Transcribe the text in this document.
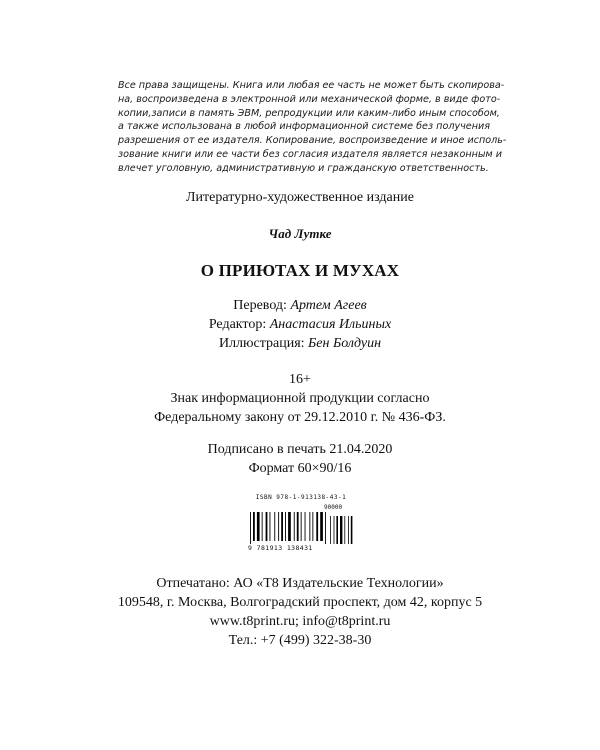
Все права защищены. Книга или любая ее часть не может быть скопирова-
на, воспроизведена в электронной или механической форме, в виде фото-
копии,записи в память ЭВМ, репродукции или каким-либо иным способом,
а также использована в любой информационной системе без получения
разрешения от ее издателя. Копирование, воспроизведение и иное исполь-
зование книги или ее части без согласия издателя является незаконным и
влечет уголовную, административную и гражданскую ответственность.
Литературно-художественное издание
Чад Лутке
О ПРИЮТАХ И МУХАХ
Перевод: Артем Агеев
Редактор: Анастасия Ильиных
Иллюстрация: Бен Болдуин
16+
Знак информационной продукции согласно
Федеральному закону от 29.12.2010 г. № 436-ФЗ.
Подписано в печать 21.04.2020
Формат 60×90/16
ISBN 978-1-913138-43-1
90000
9 781913 138431
Отпечатано: АО «Т8 Издательские Технологии»
109548, г. Москва, Волгоградский проспект, дом 42, корпус 5
www.t8print.ru; info@t8print.ru
Тел.: +7 (499) 322-38-30
